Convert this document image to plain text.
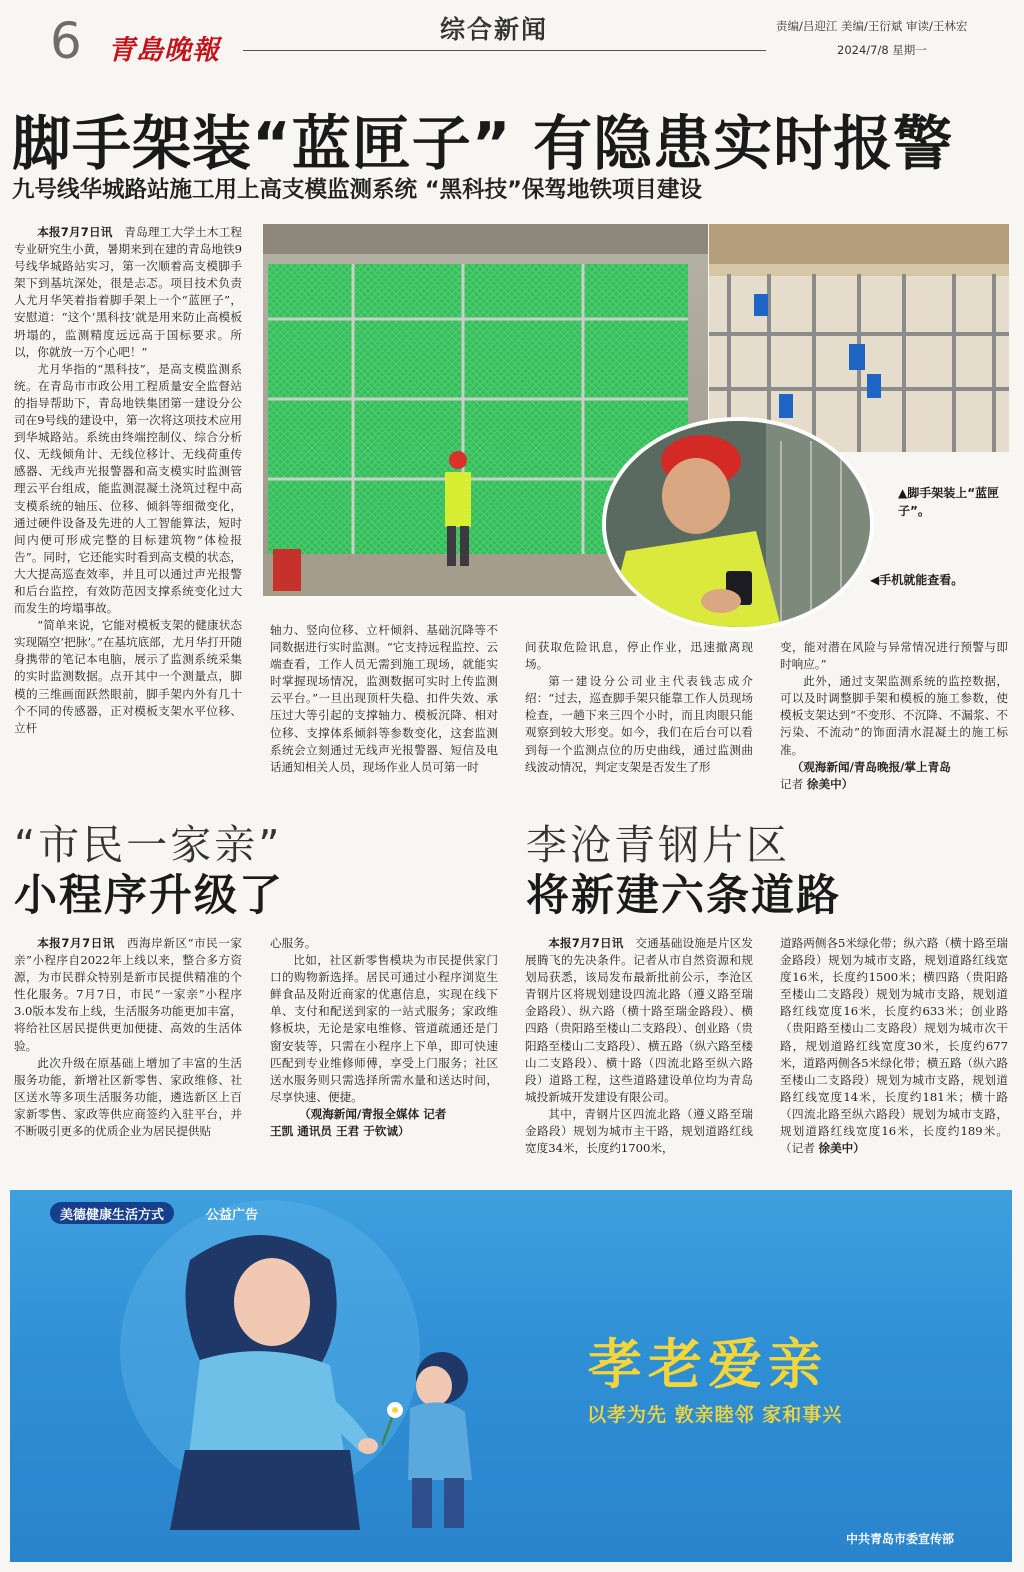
6 青島晚報
综合新闻	责编/吕迎江 美编/王衍斌 审读/王林宏
2024/7/8 星期一
脚手架装“蓝匣子” 有隐患实时报警
九号线华城路站施工用上高支模监测系统 “黑科技”保驾地铁项目建设

本报7月7日讯　 青岛理工大学土木工程专业研究生小黄，暑期来到在建的青岛地铁9号线华城路站实习，第一次顺着高支模脚手架下到基坑深处，很是忐忑。项目技术负责人尤月华笑着指着脚手架上一个“蓝匣子”，安慰道：“这个‘黑科技’就是用来防止高模板坍塌的，监测精度远远高于国标要求。所以，你就放一万个心吧！”

尤月华指的“黑科技”，是高支模监测系统。在青岛市市政公用工程质量安全监督站的指导帮助下，青岛地铁集团第一建设分公司在9号线的建设中，第一次将这项技术应用到华城路站。系统由终端控制仪、综合分析仪、无线倾角计、无线位移计、无线荷重传感器、无线声光报警器和高支模实时监测管理云平台组成，能监测混凝土浇筑过程中高支模系统的轴压、位移、倾斜等细微变化，通过硬件设备及先进的人工智能算法，短时间内便可形成完整的目标建筑物“体检报告”。同时，它还能实时看到高支模的状态，大大提高巡查效率，并且可以通过声光报警和后台监控，有效防范因支撑系统变化过大而发生的垮塌事故。

“简单来说，它能对模板支架的健康状态实现隔空‘把脉’。”在基坑底部，尤月华打开随身携带的笔记本电脑，展示了监测系统采集的实时监测数据。点开其中一个测量点，脚模的三维画面跃然眼前，脚手架内外有几十个不同的传感器，正对模板支架水平位移、立杆

▲脚手架装上“蓝匣子”。
◀手机就能查看。

轴力、竖向位移、立杆倾斜、基础沉降等不同数据进行实时监测。“它支持远程监控、云端查看，工作人员无需到施工现场，就能实时掌握现场情况，监测数据可实时上传监测云平台。”一旦出现顶杆失稳、扣件失效、承压过大等引起的支撑轴力、模板沉降、相对位移、支撑体系倾斜等参数变化，这套监测系统会立刻通过无线声光报警器、短信及电话通知相关人员，现场作业人员可第一时

间获取危险讯息，停止作业，迅速撤离现场。

第一建设分公司业主代表钱志成介绍：“过去，巡查脚手架只能靠工作人员现场检查，一趟下来三四个小时，而且肉眼只能观察到较大形变。如今，我们在后台可以看到每一个监测点位的历史曲线，通过监测曲线波动情况，判定支架是否发生了形

变，能对潜在风险与异常情况进行预警与即时响应。”

此外，通过支架监测系统的监控数据，可以及时调整脚手架和模板的施工参数，使模板支架达到“不变形、不沉降、不漏浆、不污染、不流动”的饰面清水混凝土的施工标准。

（观海新闻/青岛晚报/掌上青岛
记者 徐美中）

“市民一家亲”
小程序升级了

本报7月7日讯　 西海岸新区“市民一家亲”小程序自2022年上线以来，整合多方资源，为市民群众特别是新市民提供精准的个性化服务。7月7日，市民“一家亲”小程序3.0版本发布上线，生活服务功能更加丰富，将给社区居民提供更加便捷、高效的生活体验。

此次升级在原基础上增加了丰富的生活服务功能，新增社区新零售、家政维修、社区送水等多项生活服务功能，遴选新区上百家新零售、家政等供应商签约入驻平台，并不断吸引更多的优质企业为居民提供贴

心服务。

比如，社区新零售模块为市民提供家门口的购物新选择。居民可通过小程序浏览生鲜食品及附近商家的优惠信息，实现在线下单、支付和配送到家的一站式服务；家政维修板块，无论是家电维修、管道疏通还是门窗安装等，只需在小程序上下单，即可快速匹配到专业维修师傅，享受上门服务；社区送水服务则只需选择所需水量和送达时间，尽享快速、便捷。

（观海新闻/青报全媒体 记者
王凯 通讯员 王君 于钦诚）

李沧青钢片区
将新建六条道路

本报7月7日讯　 交通基础设施是片区发展腾飞的先决条件。记者从市自然资源和规划局获悉，该局发布最新批前公示，李沧区青钢片区将规划建设四流北路（遵义路至瑞金路段）、纵六路（横十路至瑞金路段）、横四路（贵阳路至楼山二支路段）、创业路（贵阳路至楼山二支路段）、横五路（纵六路至楼山二支路段）、横十路（四流北路至纵六路段）道路工程，这些道路建设单位均为青岛城投新城开发建设有限公司。

其中，青钢片区四流北路（遵义路至瑞金路段）规划为城市主干路，规划道路红线宽度34米，长度约1700米，

道路两侧各5米绿化带；纵六路（横十路至瑞金路段）规划为城市支路，规划道路红线宽度16米，长度约1500米；横四路（贵阳路至楼山二支路段）规划为城市支路，规划道路红线宽度16米，长度约633米；创业路（贵阳路至楼山二支路段）规划为城市次干路，规划道路红线宽度30米，长度约677米，道路两侧各5米绿化带；横五路（纵六路至楼山二支路段）规划为城市支路，规划道路红线宽度14米，长度约181米；横十路（四流北路至纵六路段）规划为城市支路，规划道路红线宽度16米，长度约189米。（记者 徐美中）

美德健康生活方式	公益广告
孝老爱亲
以孝为先 敦亲睦邻 家和事兴
中共青岛市委宣传部
